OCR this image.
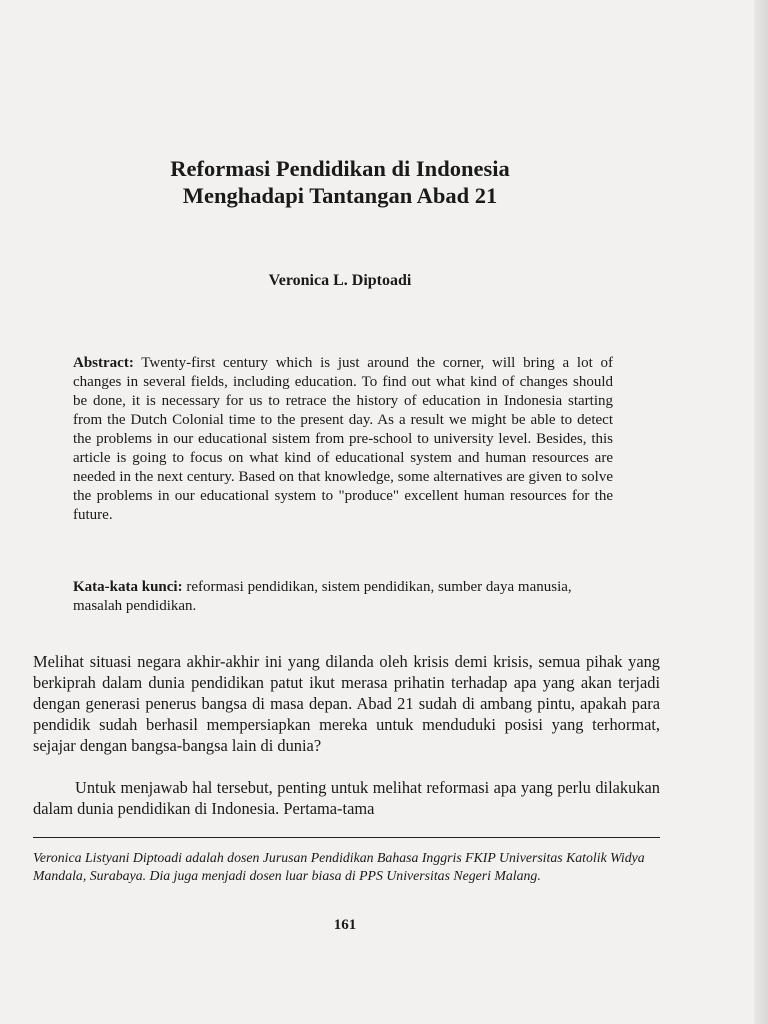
Reformasi Pendidikan di Indonesia
Menghadapi Tantangan Abad 21

Veronica L. Diptoadi

Abstract: Twenty-first century which is just around the corner, will bring a lot of changes in several fields, including education. To find out what kind of changes should be done, it is necessary for us to retrace the history of education in Indonesia starting from the Dutch Colonial time to the present day. As a result we might be able to detect the problems in our educational sistem from pre-school to university level. Besides, this article is going to focus on what kind of educational system and human resources are needed in the next century. Based on that knowledge, some alternatives are given to solve the problems in our educational system to "produce" excellent human resources for the future.

Kata-kata kunci: reformasi pendidikan, sistem pendidikan, sumber daya manusia, masalah pendidikan.

Melihat situasi negara akhir-akhir ini yang dilanda oleh krisis demi krisis, semua pihak yang berkiprah dalam dunia pendidikan patut ikut merasa prihatin terhadap apa yang akan terjadi dengan generasi penerus bangsa di masa depan. Abad 21 sudah di ambang pintu, apakah para pendidik sudah berhasil mempersiapkan mereka untuk menduduki posisi yang terhormat, sejajar dengan bangsa-bangsa lain di dunia?

Untuk menjawab hal tersebut, penting untuk melihat reformasi apa yang perlu dilakukan dalam dunia pendidikan di Indonesia. Pertama-tama

Veronica Listyani Diptoadi adalah dosen Jurusan Pendidikan Bahasa Inggris FKIP Universitas Katolik Widya Mandala, Surabaya. Dia juga menjadi dosen luar biasa di PPS Universitas Negeri Malang.

161
